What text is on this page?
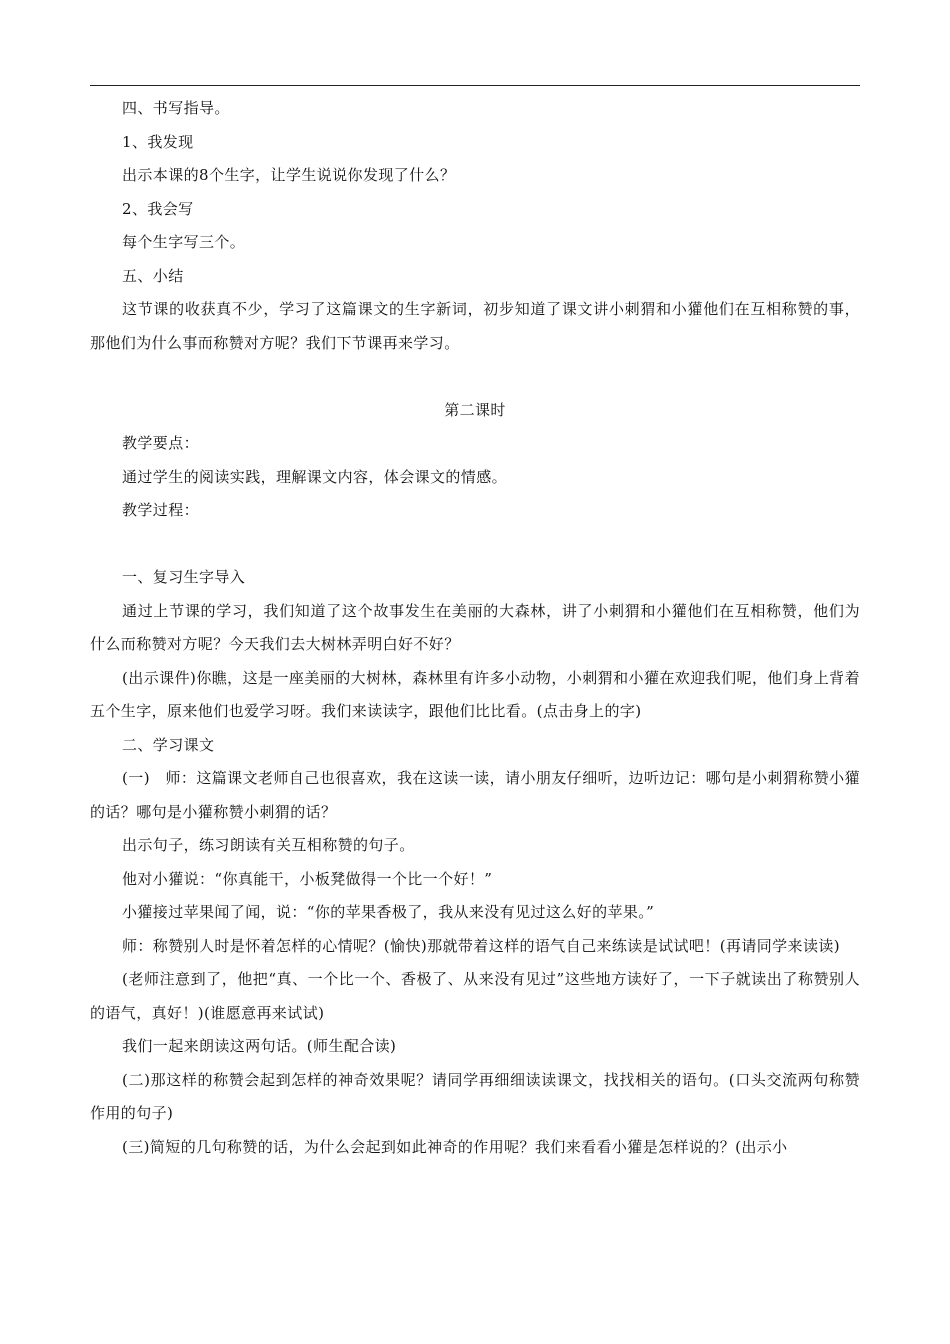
四、书写指导。

1、我发现

出示本课的8个生字，让学生说说你发现了什么？

2、我会写

每个生字写三个。

五、小结

这节课的收获真不少，学习了这篇课文的生字新词，初步知道了课文讲小刺猬和小獾他们在互相称赞的事，那他们为什么事而称赞对方呢？我们下节课再来学习。

第二课时

教学要点：

通过学生的阅读实践，理解课文内容，体会课文的情感。

教学过程：

一、复习生字导入

通过上节课的学习，我们知道了这个故事发生在美丽的大森林，讲了小刺猬和小獾他们在互相称赞，他们为什么而称赞对方呢？今天我们去大树林弄明白好不好？

(出示课件)你瞧，这是一座美丽的大树林，森林里有许多小动物，小刺猬和小獾在欢迎我们呢，他们身上背着五个生字，原来他们也爱学习呀。我们来读读字，跟他们比比看。(点击身上的字)

二、学习课文

(一)　师：这篇课文老师自己也很喜欢，我在这读一读，请小朋友仔细听，边听边记：哪句是小刺猬称赞小獾的话？哪句是小獾称赞小刺猬的话？

出示句子，练习朗读有关互相称赞的句子。

他对小獾说：“你真能干，小板凳做得一个比一个好！”

小獾接过苹果闻了闻，说：“你的苹果香极了，我从来没有见过这么好的苹果。”

师：称赞别人时是怀着怎样的心情呢？(愉快)那就带着这样的语气自己来练读是试试吧！(再请同学来读读)

(老师注意到了，他把“真、一个比一个、香极了、从来没有见过”这些地方读好了，一下子就读出了称赞别人的语气，真好！)(谁愿意再来试试)

我们一起来朗读这两句话。(师生配合读)

(二)那这样的称赞会起到怎样的神奇效果呢？请同学再细细读读课文，找找相关的语句。(口头交流两句称赞作用的句子)

(三)简短的几句称赞的话，为什么会起到如此神奇的作用呢？我们来看看小獾是怎样说的？(出示小
